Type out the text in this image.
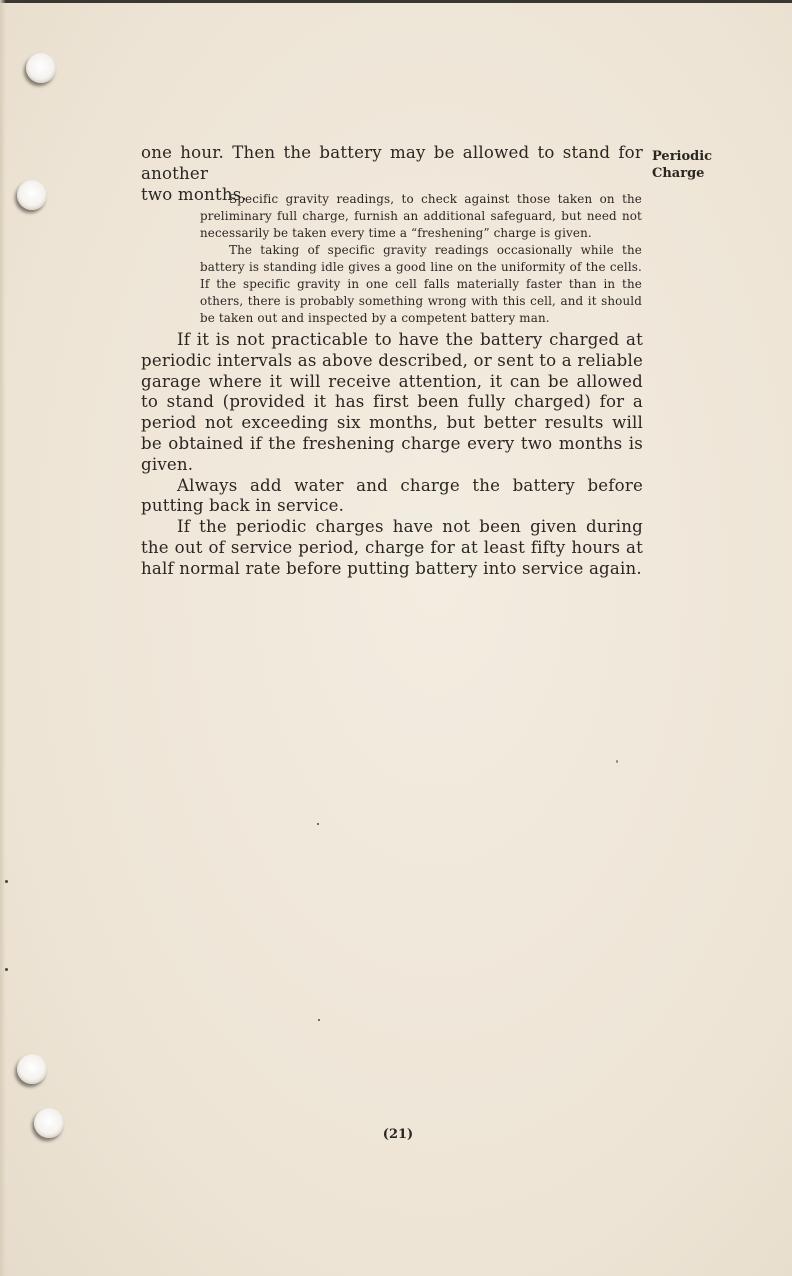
one hour. Then the battery may be allowed to stand for another
two months.
Periodic
Charge

Specific gravity readings, to check against those taken on the preliminary full charge, furnish an additional safeguard, but need not necessarily be taken every time a “freshening” charge is given.

The taking of specific gravity readings occasionally while the battery is standing idle gives a good line on the uniformity of the cells. If the specific gravity in one cell falls materially faster than in the others, there is probably something wrong with this cell, and it should be taken out and inspected by a competent battery man.

If it is not practicable to have the battery charged at periodic intervals as above described, or sent to a reliable garage where it will receive attention, it can be allowed to stand (provided it has first been fully charged) for a period not exceeding six months, but better results will be obtained if the freshening charge every two months is given.

Always add water and charge the battery before putting back in service.

If the periodic charges have not been given during the out of service period, charge for at least fifty hours at half normal rate before putting battery into service again.

(21)
